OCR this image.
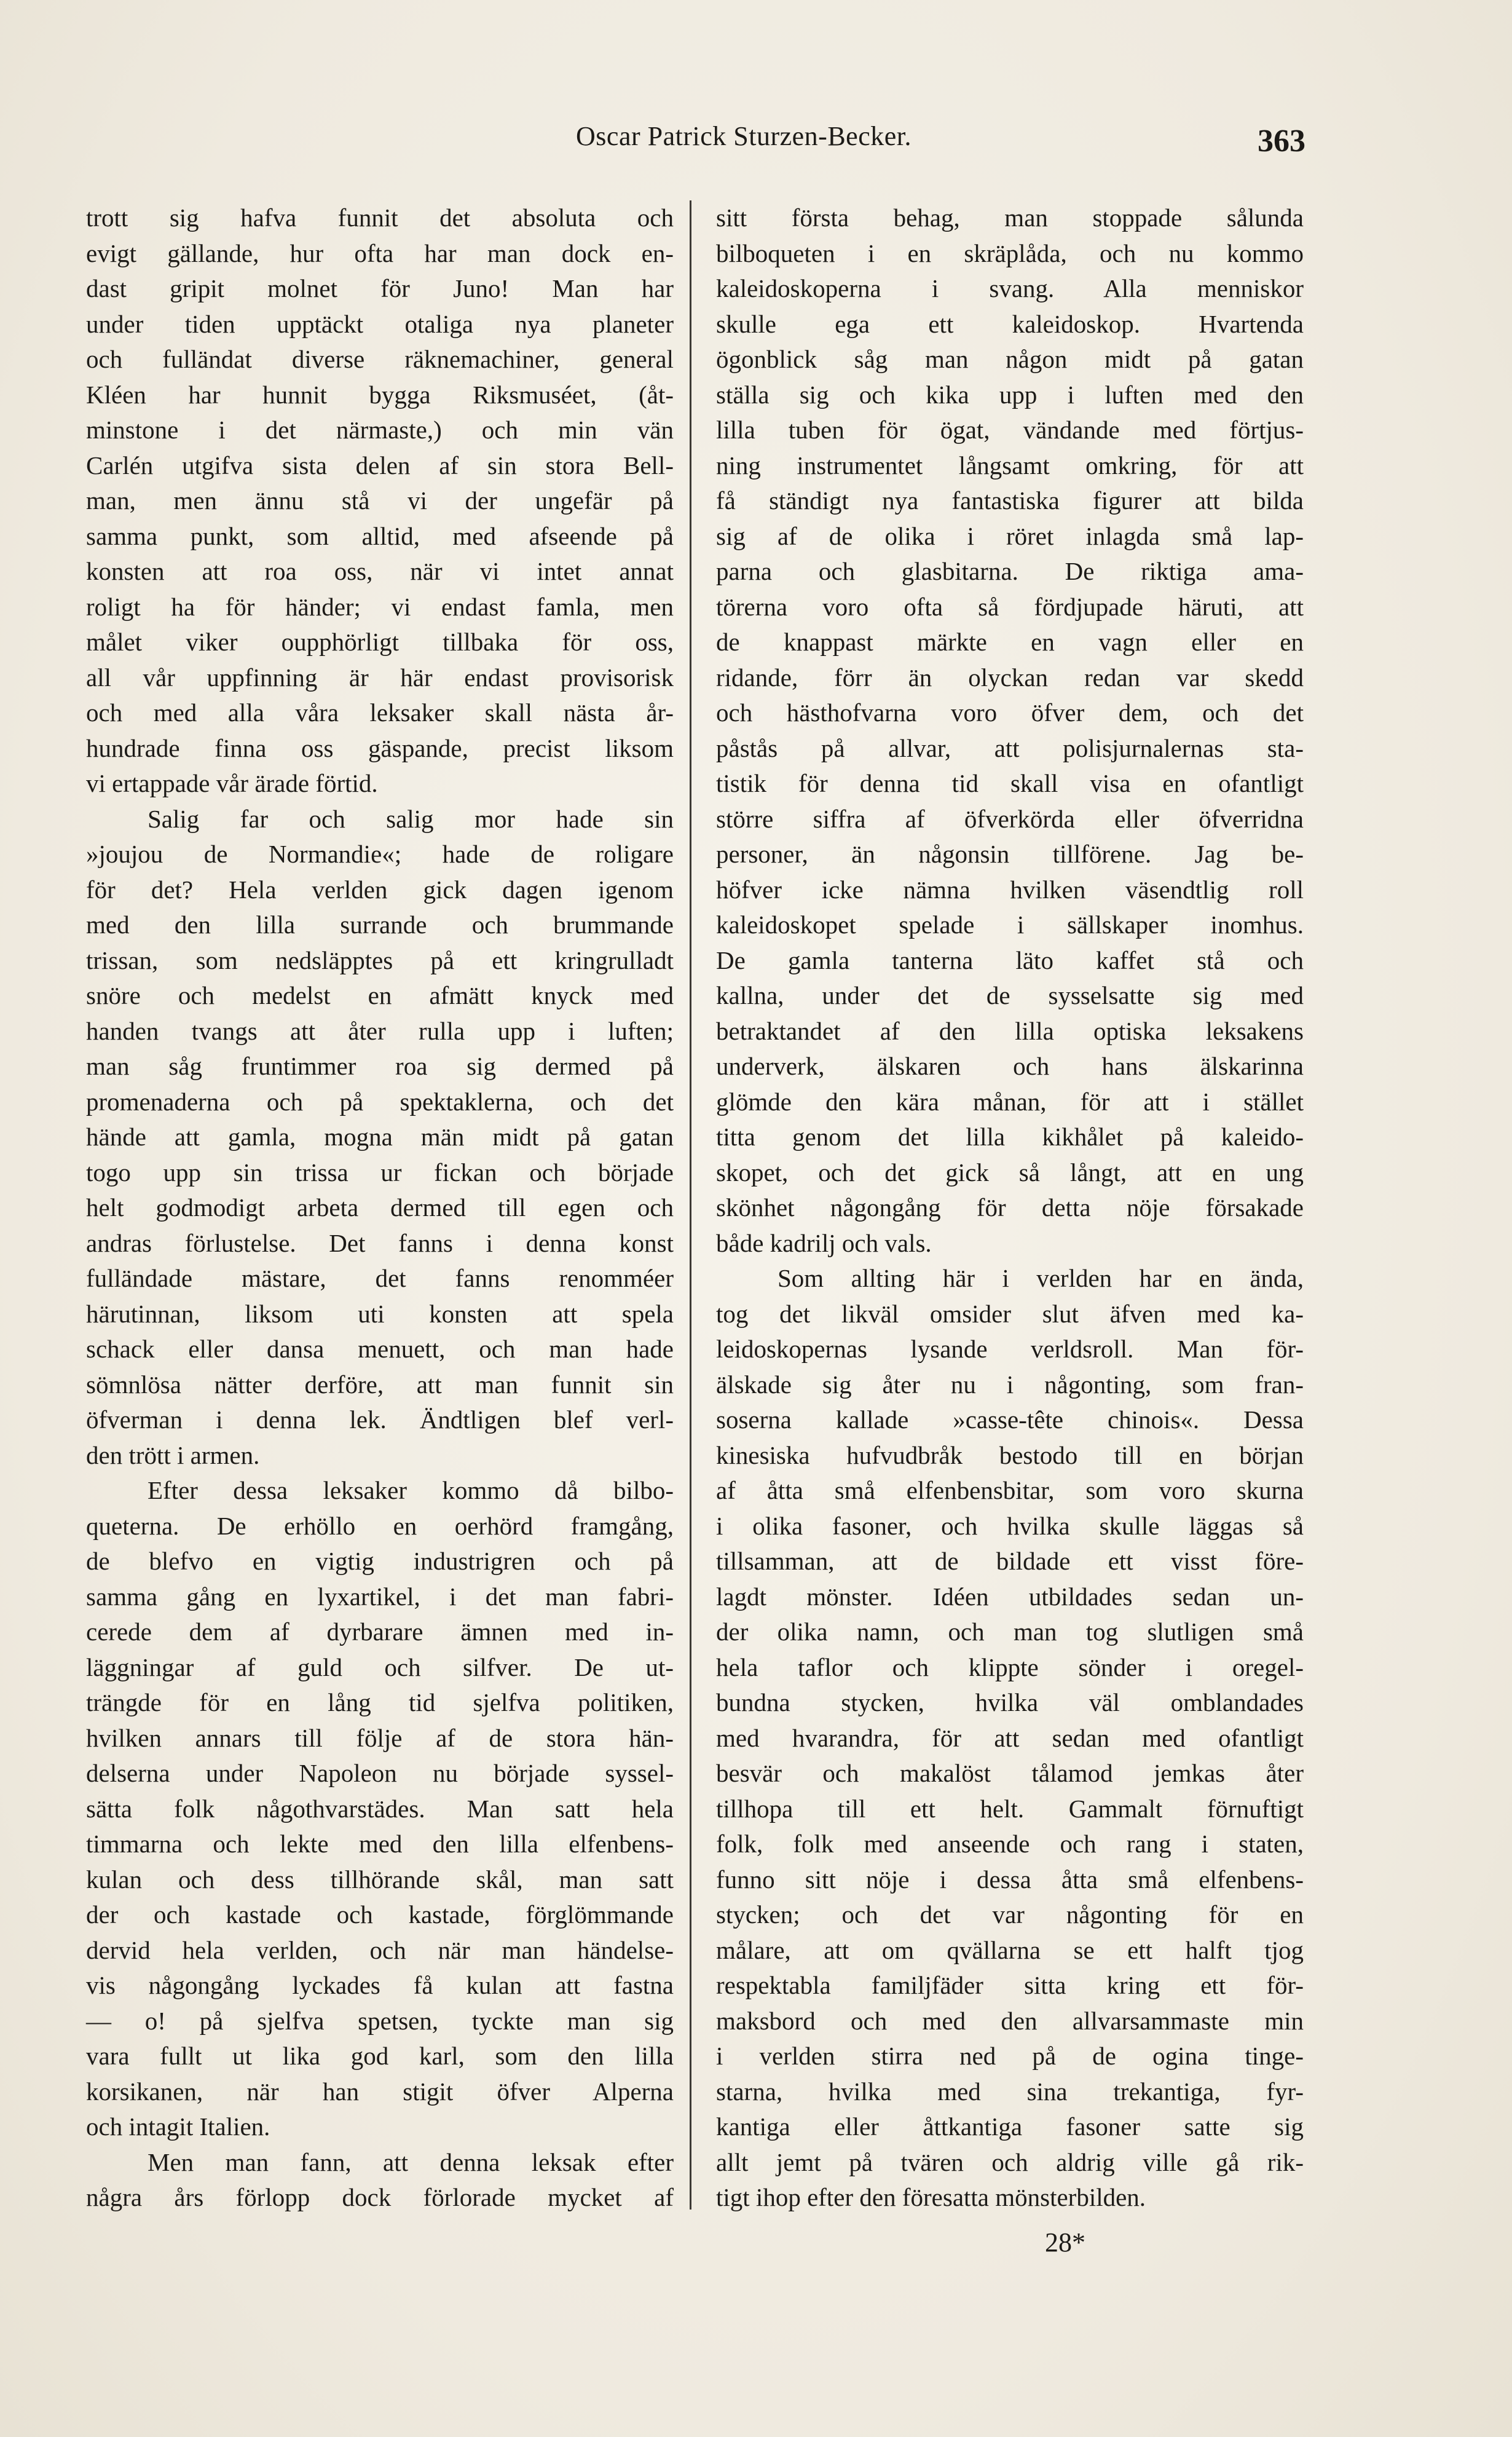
Oscar Patrick Sturzen-Becker.	363
trott sig hafva funnit det absoluta och
evigt gällande, hur ofta har man dock en-
dast gripit molnet för Juno! Man har
under tiden upptäckt otaliga nya planeter
och fulländat diverse räknemachiner, general
Kléen har hunnit bygga Riksmuséet, (åt-
minstone i det närmaste,) och min vän
Carlén utgifva sista delen af sin stora Bell-
man, men ännu stå vi der ungefär på
samma punkt, som alltid, med afseende på
konsten att roa oss, när vi intet annat
roligt ha för händer; vi endast famla, men
målet viker oupphörligt tillbaka för oss,
all vår uppfinning är här endast provisorisk
och med alla våra leksaker skall nästa år-
hundrade finna oss gäspande, precist liksom
vi ertappade vår ärade förtid.
Salig far och salig mor hade sin
»joujou de Normandie«; hade de roligare
för det? Hela verlden gick dagen igenom
med den lilla surrande och brummande
trissan, som nedsläpptes på ett kringrulladt
snöre och medelst en afmätt knyck med
handen tvangs att åter rulla upp i luften;
man såg fruntimmer roa sig dermed på
promenaderna och på spektaklerna, och det
hände att gamla, mogna män midt på gatan
togo upp sin trissa ur fickan och började
helt godmodigt arbeta dermed till egen och
andras förlustelse. Det fanns i denna konst
fulländade mästare, det fanns renomméer
härutinnan, liksom uti konsten att spela
schack eller dansa menuett, och man hade
sömnlösa nätter derföre, att man funnit sin
öfverman i denna lek. Ändtligen blef verl-
den trött i armen.
Efter dessa leksaker kommo då bilbo-
queterna. De erhöllo en oerhörd framgång,
de blefvo en vigtig industrigren och på
samma gång en lyxartikel, i det man fabri-
cerede dem af dyrbarare ämnen med in-
läggningar af guld och silfver. De ut-
trängde för en lång tid sjelfva politiken,
hvilken annars till följe af de stora hän-
delserna under Napoleon nu började syssel-
sätta folk någothvarstädes. Man satt hela
timmarna och lekte med den lilla elfenbens-
kulan och dess tillhörande skål, man satt
der och kastade och kastade, förglömmande
dervid hela verlden, och när man händelse-
vis någongång lyckades få kulan att fastna
— o! på sjelfva spetsen, tyckte man sig
vara fullt ut lika god karl, som den lilla
korsikanen, när han stigit öfver Alperna
och intagit Italien.
Men man fann, att denna leksak efter
några års förlopp dock förlorade mycket af
sitt första behag, man stoppade sålunda
bilboqueten i en skräplåda, och nu kommo
kaleidoskoperna i svang. Alla menniskor
skulle ega ett kaleidoskop. Hvartenda
ögonblick såg man någon midt på gatan
ställa sig och kika upp i luften med den
lilla tuben för ögat, vändande med förtjus-
ning instrumentet långsamt omkring, för att
få ständigt nya fantastiska figurer att bilda
sig af de olika i röret inlagda små lap-
parna och glasbitarna. De riktiga ama-
törerna voro ofta så fördjupade häruti, att
de knappast märkte en vagn eller en
ridande, förr än olyckan redan var skedd
och hästhofvarna voro öfver dem, och det
påstås på allvar, att polisjurnalernas sta-
tistik för denna tid skall visa en ofantligt
större siffra af öfverkörda eller öfverridna
personer, än någonsin tillförene. Jag be-
höfver icke nämna hvilken väsendtlig roll
kaleidoskopet spelade i sällskaper inomhus.
De gamla tanterna läto kaffet stå och
kallna, under det de sysselsatte sig med
betraktandet af den lilla optiska leksakens
underverk, älskaren och hans älskarinna
glömde den kära månan, för att i stället
titta genom det lilla kikhålet på kaleido-
skopet, och det gick så långt, att en ung
skönhet någongång för detta nöje försakade
både kadrilj och vals.
Som allting här i verlden har en ända,
tog det likväl omsider slut äfven med ka-
leidoskopernas lysande verldsroll. Man för-
älskade sig åter nu i någonting, som fran-
soserna kallade »casse-tête chinois«. Dessa
kinesiska hufvudbråk bestodo till en början
af åtta små elfenbensbitar, som voro skurna
i olika fasoner, och hvilka skulle läggas så
tillsamman, att de bildade ett visst före-
lagdt mönster. Idéen utbildades sedan un-
der olika namn, och man tog slutligen små
hela taflor och klippte sönder i oregel-
bundna stycken, hvilka väl omblandades
med hvarandra, för att sedan med ofantligt
besvär och makalöst tålamod jemkas åter
tillhopa till ett helt. Gammalt förnuftigt
folk, folk med anseende och rang i staten,
funno sitt nöje i dessa åtta små elfenbens-
stycken; och det var någonting för en
målare, att om qvällarna se ett halft tjog
respektabla familjfäder sitta kring ett för-
maksbord och med den allvarsammaste min
i verlden stirra ned på de ogina tinge-
starna, hvilka med sina trekantiga, fyr-
kantiga eller åttkantiga fasoner satte sig
allt jemt på tvären och aldrig ville gå rik-
tigt ihop efter den föresatta mönsterbilden.
28*
